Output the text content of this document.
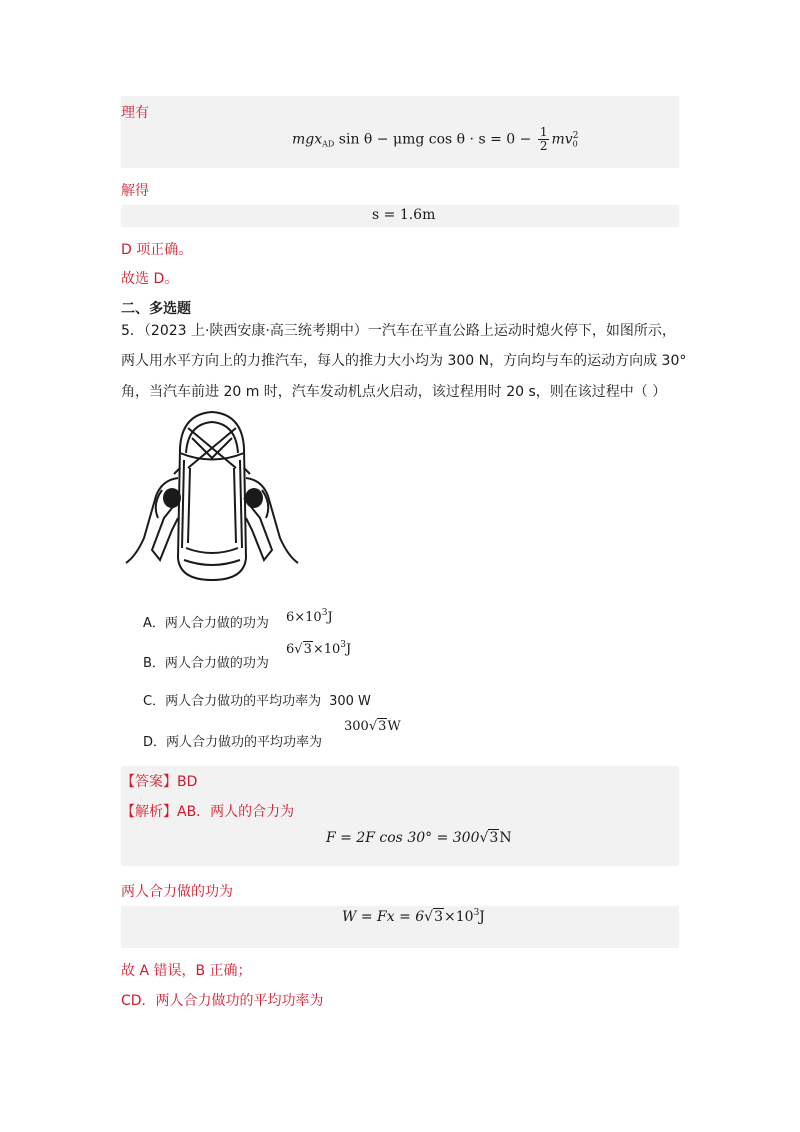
理有
mgx$_{AD}$ sin θ − μmg $\cos \theta \cdot s = 0 - \frac{1}{2} mv_0^2$
解得
s = 1.6m
D 项正确。
故选 D。
二、多选题
5．（2023 上·陕西安康·高三统考期中）一汽车在平直公路上运动时熄火停下，如图所示，
两人用水平方向上的力推汽车，每人的推力大小均为 300 N，方向均与车的运动方向成 30°
角，当汽车前进 20 m 时，汽车发动机点火启动，该过程用时 20 s，则在该过程中（ ）
A．两人合力做的功为 $6\times 10^3J$
B．两人合力做的功为
$6√3\times 10^3J$
C．两人合力做功的平均功率为 300 W
D．两人合力做功的平均功率为
300√3W
【答案】BD
【解析】AB．两人的合力为
F = 2F cos 30° = 300√3N
两人合力做的功为
$W = Fx = 6√3\times 10^3J$
故 A 错误，B 正确；
CD．两人合力做功的平均功率为
